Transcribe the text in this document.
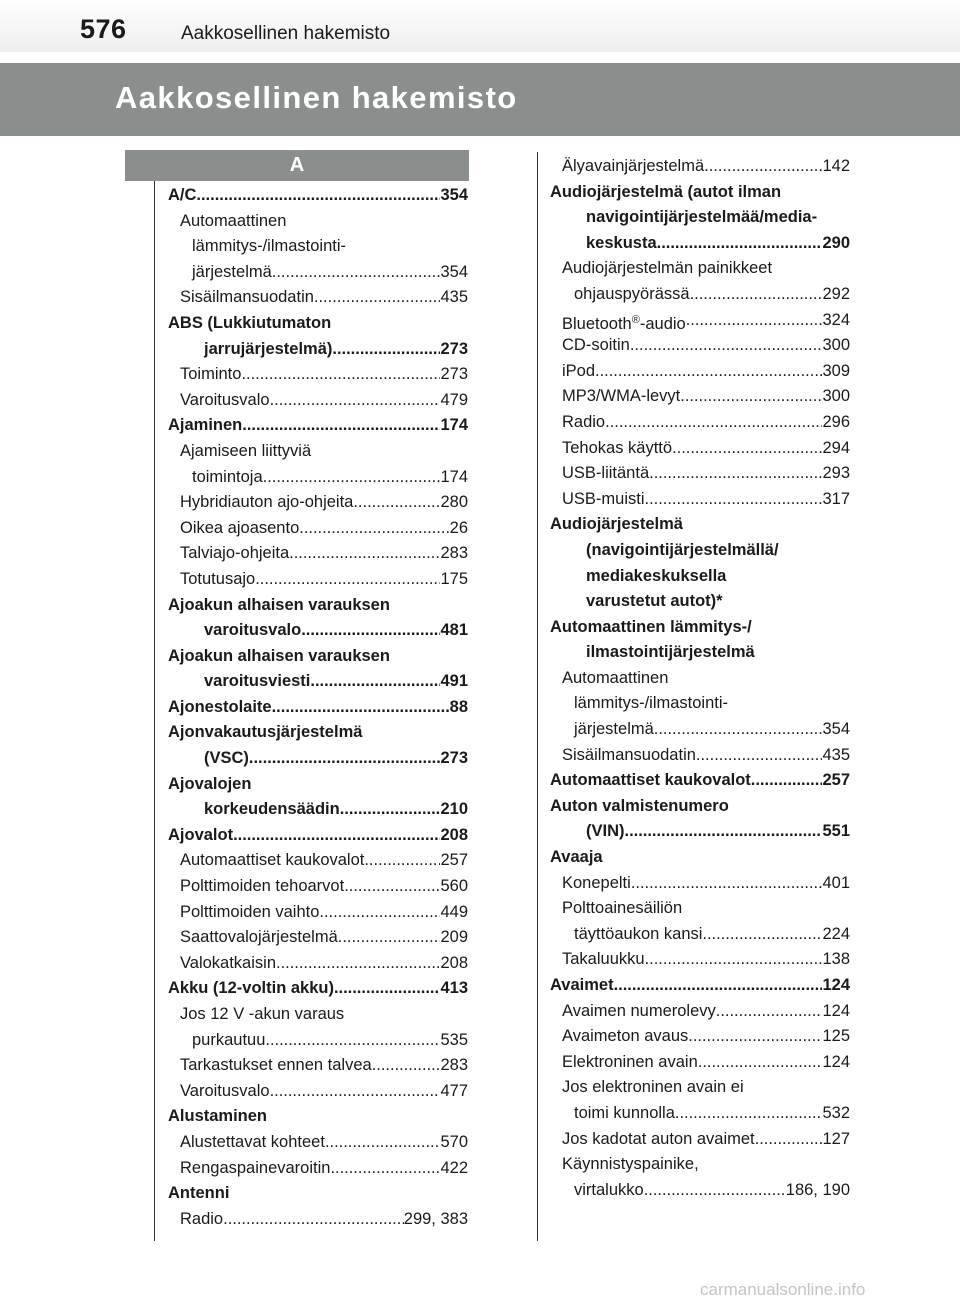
576	Aakkosellinen hakemisto
Aakkosellinen hakemisto
A
A/C . . .	354
Automaattinen
lämmitys-/ilmastointi-
järjestelmä . . .	354
Sisäilmansuodatin . . .	435
ABS (Lukkiutumaton
jarrujärjestelmä) . . .	273
Toiminto . . .	273
Varoitusvalo . . .	479
Ajaminen . . .	174
Ajamiseen liittyviä
toimintoja . . .	174
Hybridiauton ajo-ohjeita . . .	280
Oikea ajoasento . . .	26
Talviajo-ohjeita . . .	283
Totutusajo . . .	175
Ajoakun alhaisen varauksen
varoitusvalo . . .	481
Ajoakun alhaisen varauksen
varoitusviesti . . .	491
Ajonestolaite . . .	88
Ajonvakautusjärjestelmä
(VSC) . . .	273
Ajovalojen
korkeudensäädin . . .	210
Ajovalot . . .	208
Automaattiset kaukovalot . . .	257
Polttimoiden tehoarvot . . .	560
Polttimoiden vaihto . . .	449
Saattovalojärjestelmä . . .	209
Valokatkaisin . . .	208
Akku (12-voltin akku) . . .	413
Jos 12 V -akun varaus
purkautuu . . .	535
Tarkastukset ennen talvea . . .	283
Varoitusvalo . . .	477
Alustaminen
Alustettavat kohteet . . .	570
Rengaspainevaroitin . . .	422
Antenni
Radio . . .	299, 383
Älyavainjärjestelmä . . .	142
Audiojärjestelmä (autot ilman
navigointijärjestelmää/media-
keskusta . . .	290
Audiojärjestelmän painikkeet
ohjauspyörässä . . .	292
Bluetooth®-audio . . .	324
CD-soitin . . .	300
iPod . . .	309
MP3/WMA-levyt . . .	300
Radio . . .	296
Tehokas käyttö . . .	294
USB-liitäntä . . .	293
USB-muisti . . .	317
Audiojärjestelmä
(navigointijärjestelmällä/
mediakeskuksella
varustetut autot)*
Automaattinen lämmitys-/
ilmastointijärjestelmä
Automaattinen
lämmitys-/ilmastointi-
järjestelmä . . .	354
Sisäilmansuodatin . . .	435
Automaattiset kaukovalot . . .	257
Auton valmistenumero
(VIN) . . .	551
Avaaja
Konepelti . . .	401
Polttoainesäiliön
täyttöaukon kansi . . .	224
Takaluukku . . .	138
Avaimet . . .	124
Avaimen numerolevy . . .	124
Avaimeton avaus . . .	125
Elektroninen avain . . .	124
Jos elektroninen avain ei
toimi kunnolla . . .	532
Jos kadotat auton avaimet . . .	127
Käynnistyspainike,
virtalukko . . .	186, 190
carmanualsonline.info
